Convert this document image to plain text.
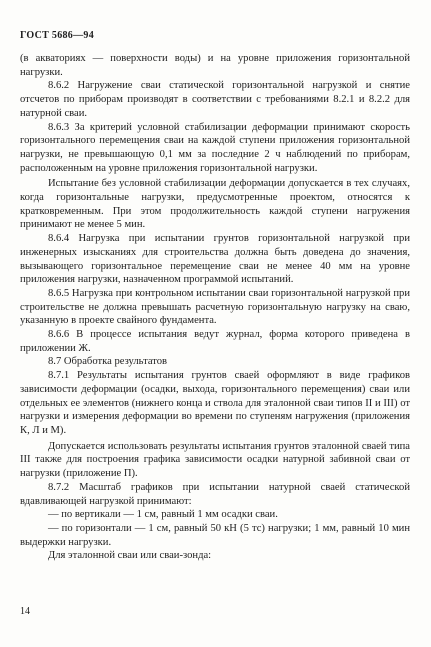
ГОСТ 5686—94

(в акваториях — поверхности воды) и на уровне приложения горизонтальной нагрузки.

8.6.2 Нагружение сваи статической горизонтальной нагрузкой и снятие отсчетов по приборам производят в соответствии с требованиями 8.2.1 и 8.2.2 для натурной сваи.

8.6.3 За критерий условной стабилизации деформации принимают скорость горизонтального перемещения сваи на каждой ступени приложения горизонтальной нагрузки, не превышающую 0,1 мм за последние 2 ч наблюдений по приборам, расположенным на уровне приложения горизонтальной нагрузки.

Испытание без условной стабилизации деформации допускается в тех случаях, когда горизонтальные нагрузки, предусмотренные проектом, относятся к кратковременным. При этом продолжительность каждой ступени нагружения принимают не менее 5 мин.

8.6.4 Нагрузка при испытании грунтов горизонтальной нагрузкой при инженерных изысканиях для строительства должна быть доведена до значения, вызывающего горизонтальное перемещение сваи не менее 40 мм на уровне приложения нагрузки, назначенном программой испытаний.

8.6.5 Нагрузка при контрольном испытании сваи горизонтальной нагрузкой при строительстве не должна превышать расчетную горизонтальную нагрузку на сваю, указанную в проекте свайного фундамента.

8.6.6 В процессе испытания ведут журнал, форма которого приведена в приложении Ж.

8.7 Обработка результатов

8.7.1 Результаты испытания грунтов сваей оформляют в виде графиков зависимости деформации (осадки, выхода, горизонтального перемещения) сваи или отдельных ее элементов (нижнего конца и ствола для эталонной сваи типов II и III) от нагрузки и измерения деформации во времени по ступеням нагружения (приложения К, Л и М).

Допускается использовать результаты испытания грунтов эталонной сваей типа III также для построения графика зависимости осадки натурной забивной сваи от нагрузки (приложение П).

8.7.2 Масштаб графиков при испытании натурной сваей статической вдавливающей нагрузкой принимают:

— по вертикали — 1 см, равный 1 мм осадки сваи.

— по горизонтали — 1 см, равный 50 кН (5 тс) нагрузки; 1 мм, равный 10 мин выдержки нагрузки.

Для эталонной сваи или сваи-зонда:

14
